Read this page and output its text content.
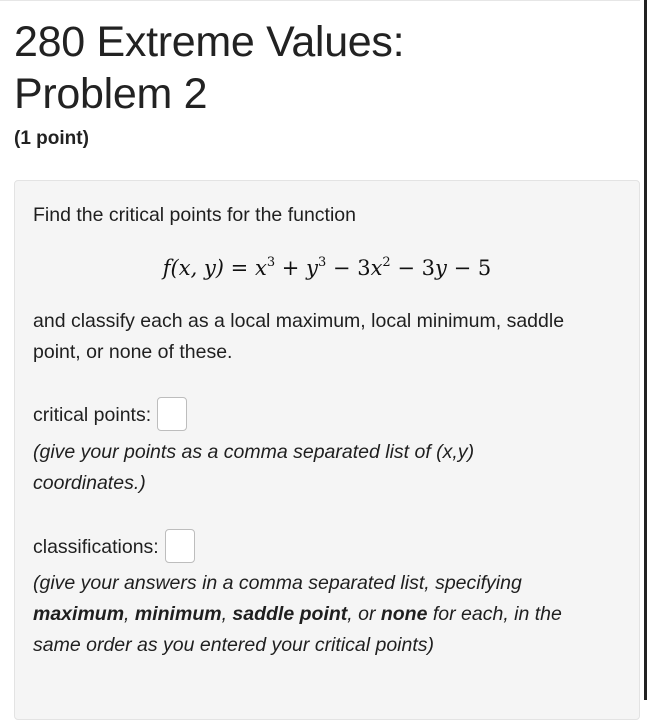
280 Extreme Values:
Problem 2
(1 point)
Find the critical points for the function
f(x, $y) = x^3 + y^3 - 3x^2 - 3y - 5$
and classify each as a local maximum, local minimum, saddle
point, or none of these.
critical points:
(give your points as a comma separated list of (x,y)
coordinates.)
classifications:
(give your answers in a comma separated list, specifying
maximum, minimum, saddle point, or none for each, in the
same order as you entered your critical points)
